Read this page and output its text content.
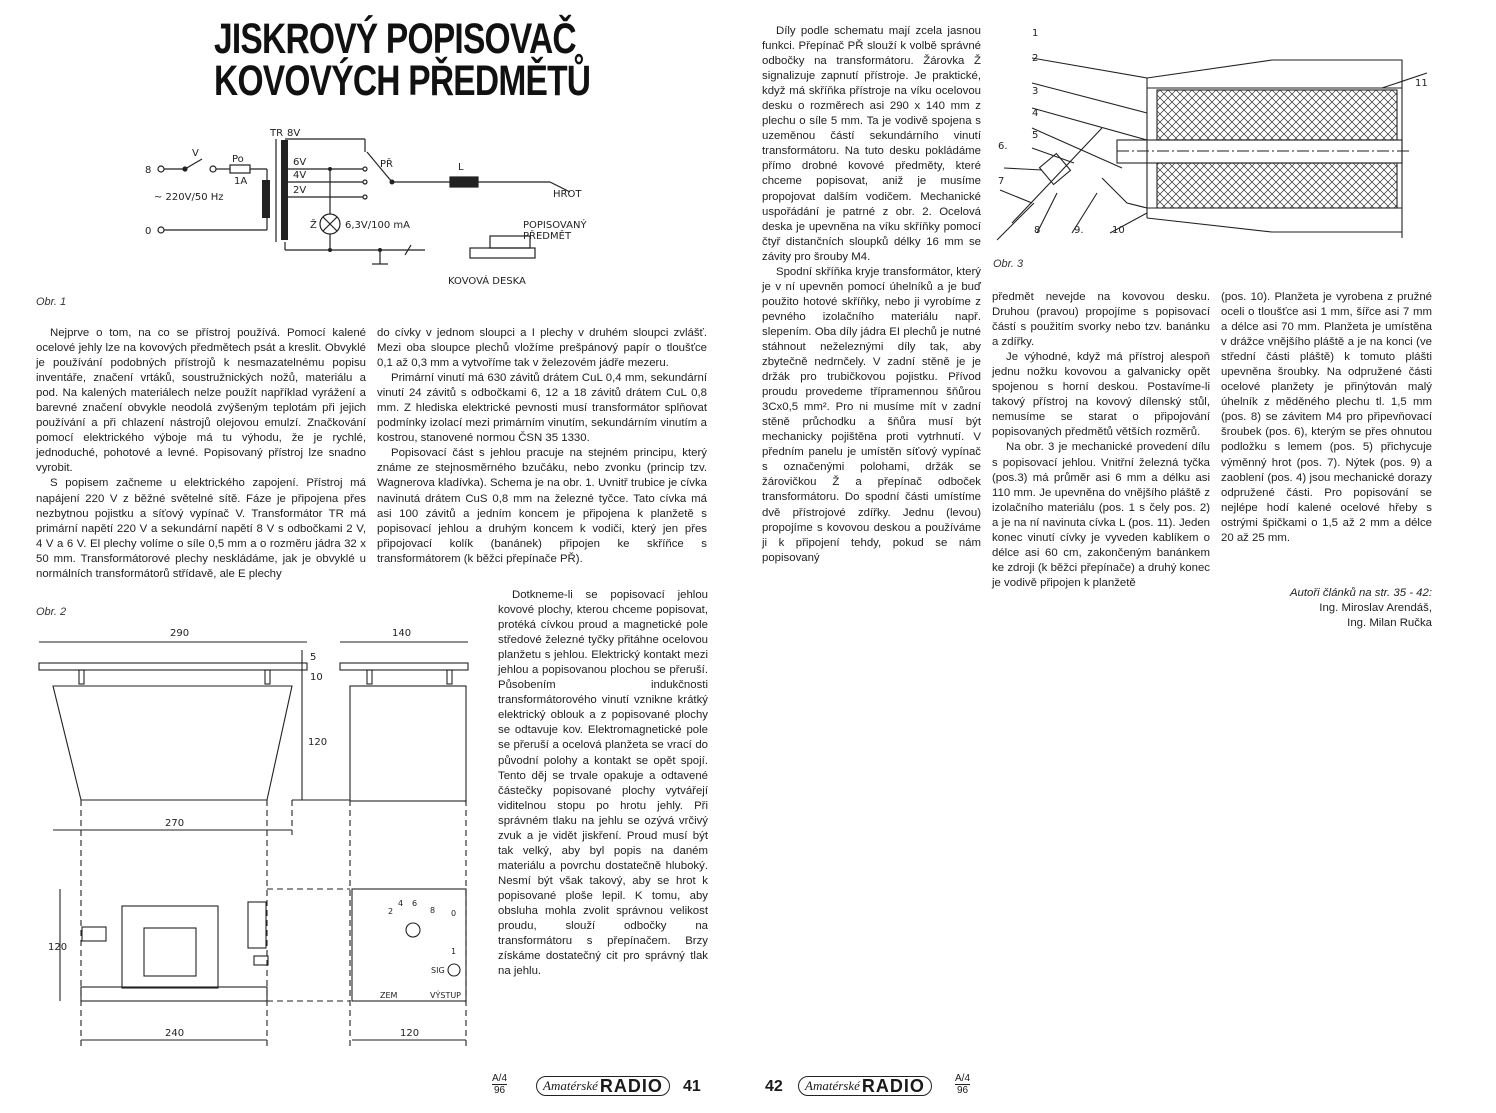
JISKROVÝ POPISOVAČ
KOVOVÝCH PŘEDMĚTŮ
TR 8V
6V
4V
2V
V
Po
1A
8
0
~ 220V/50 Hz
PŘ	L
HROT
Ž	6,3V/100 mA	POPISOVANÝ
PŘEDMĚT
KOVOVÁ DESKA
Obr. 1

Nejprve o tom, na co se přístroj používá. Pomocí kalené ocelové jehly lze na kovových předmětech psát a kreslit. Obvyklé je používání podobných přístrojů k nesmazatelnému popisu inventáře, značení vrtáků, soustružnických nožů, materiálu a pod. Na kalených materiálech nelze použít například vyrážení a barevné značení obvykle neodolá zvýšeným teplotám při jejich používání a při chlazení nástrojů olejovou emulzí. Značkování pomocí elektrického výboje má tu výhodu, že je rychlé, jednoduché, pohotové a levné. Popisovaný přístroj lze snadno vyrobit.

S popisem začneme u elektrického zapojení. Přístroj má napájení 220 V z běžné světelné sítě. Fáze je připojena přes nezbytnou pojistku a síťový vypínač V. Transformátor TR má primární napětí 220 V a sekundární napětí 8 V s odbočkami 2 V, 4 V a 6 V. El plechy volíme o síle 0,5 mm a o rozměru jádra 32 x 50 mm. Transformátorové plechy neskládáme, jak je obvyklé u normálních transformátorů střídavě, ale E plechy

do cívky v jednom sloupci a I plechy v druhém sloupci zvlášť. Mezi oba sloupce plechů vložíme prešpánový papír o tloušťce 0,1 až 0,3 mm a vytvoříme tak v železovém jádře mezeru.

Primární vinutí má 630 závitů drátem CuL 0,4 mm, sekundární vinutí 24 závitů s odbočkami 6, 12 a 18 závitů drátem CuL 0,8 mm. Z hlediska elektrické pevnosti musí transformátor splňovat podmínky izolací mezi primárním vinutím, sekundárním vinutím a kostrou, stanovené normou ČSN 35 1330.

Popisovací část s jehlou pracuje na stejném principu, který známe ze stejnosměrného bzučáku, nebo zvonku (princip tzv. Wagnerova kladívka). Schema je na obr. 1. Uvnitř trubice je cívka navinutá drátem CuS 0,8 mm na železné tyčce. Tato cívka má asi 100 závitů a jedním koncem je připojena k planžetě s popisovací jehlou a druhým koncem k vodiči, který jen přes připojovací kolík (banánek) připojen ke skříňce s transformátorem (k běžci přepínače PŘ).

Dotkneme-li se popisovací jehlou kovové plochy, kterou chceme popisovat, protéká cívkou proud a magnetické pole středové železné tyčky přitáhne ocelovou planžetu s jehlou. Elektrický kontakt mezi jehlou a popisovanou plochou se přeruší. Působením indukčnosti transformátorového vinutí vznikne krátký elektrický oblouk a z popisované plochy se odtavuje kov. Elektromagnetické pole se přeruší a ocelová planžeta se vrací do původní polohy a kontakt se opět spojí. Tento děj se trvale opakuje a odtavené částečky popisované plochy vytvářejí viditelnou stopu po hrotu jehly. Při správném tlaku na jehlu se ozývá vrčivý zvuk a je vidět jiskření. Proud musí být tak velký, aby byl popis na daném materiálu a povrchu dostatečně hluboký. Nesmí být však takový, aby se hrot k popisované ploše lepil. K tomu, aby obsluha mohla zvolit správnou velikost proudu, slouží odbočky na transformátoru s přepínačem. Brzy získáme dostatečný cit pro správný tlak na jehlu.

Obr. 2
290	140
5
10
120
270
120
240	120
2
4 6
8 0
1
SIG
ZEM	VÝSTUP

Díly podle schematu mají zcela jasnou funkci. Přepínač PŘ slouží k volbě správné odbočky na transformátoru. Žárovka Ž signalizuje zapnutí přístroje. Je praktické, když má skříňka přístroje na víku ocelovou desku o rozměrech asi 290 x 140 mm z plechu o síle 5 mm. Ta je vodivě spojena s uzeměnou částí sekundárního vinutí transformátoru. Na tuto desku pokládáme přímo drobné kovové předměty, které chceme popisovat, aniž je musíme propojovat dalším vodičem. Mechanické uspořádání je patrné z obr. 2. Ocelová deska je upevněna na víku skříňky pomocí čtyř distančních sloupků délky 16 mm se závity pro šrouby M4.

Spodní skříňka kryje transformátor, který je v ní upevněn pomocí úhelníků a je buď použito hotové skříňky, nebo ji vyrobíme z pevného izolačního materiálu např. slepením. Oba díly jádra EI plechů je nutné stáhnout neželeznými díly tak, aby zbytečně nedrnčely. V zadní stěně je je držák pro trubičkovou pojistku. Přívod proudu provedeme třípramennou šňůrou 3Cx0,5 mm². Pro ni musíme mít v zadní stěně průchodku a šňůra musí být mechanicky pojištěna proti vytrhnutí. V předním panelu je umístěn síťový vypínač s označenými polohami, držák se žárovičkou Ž a přepínač odboček transformátoru. Do spodní části umístíme dvě přístrojové zdířky. Jednu (levou) propojíme s kovovou deskou a používáme ji k připojení tehdy, pokud se nám popisovaný

1
2
3
4
5
6.
7
8	9.	10
11
Obr. 3

předmět nevejde na kovovou desku. Druhou (pravou) propojíme s popisovací částí s použitím svorky nebo tzv. banánku a zdířky.

Je výhodné, když má přístroj alespoň jednu nožku kovovou a galvanicky opět spojenou s horní deskou. Postavíme-li takový přístroj na kovový dílenský stůl, nemusíme se starat o připojování popisovaných předmětů větších rozměrů.

Na obr. 3 je mechanické provedení dílu s popisovací jehlou. Vnitřní železná tyčka (pos.3) má průměr asi 6 mm a délku asi 110 mm. Je upevněna do vnějšího pláště z izolačního materiálu (pos. 1 s čely pos. 2) a je na ní navinuta cívka L (pos. 11). Jeden konec vinutí cívky je vyveden kablíkem o délce asi 60 cm, zakončeným banánkem ke zdroji (k běžci přepínače) a druhý konec je vodivě připojen k planžetě

(pos. 10). Planžeta je vyrobena z pružné oceli o tloušťce asi 1 mm, šířce asi 7 mm a délce asi 70 mm. Planžeta je umístěna v drážce vnějšího pláště a je na konci (ve střední části pláště) k tomuto plášti upevněna šroubky. Na odpružené části ocelové planžety je přinýtován malý úhelník z měděného plechu tl. 1,5 mm (pos. 8) se závitem M4 pro připevňovací šroubek (pos. 6), kterým se přes ohnutou podložku s lemem (pos. 5) přichycuje výměnný hrot (pos. 7). Nýtek (pos. 9) a zaoblení (pos. 4) jsou mechanické dorazy odpružené části. Pro popisování se nejlépe hodí kalené ocelové hřeby s ostrými špičkami o 1,5 až 2 mm a délce 20 až 25 mm.

Autoři článků na str. 35 - 42:
Ing. Miroslav Arendáš,
Ing. Milan Ručka
$\frac{A/4}{96}$	Amatérské RADIO 41	42 Amatérské RADIO	$\frac{A/4}{96}$
